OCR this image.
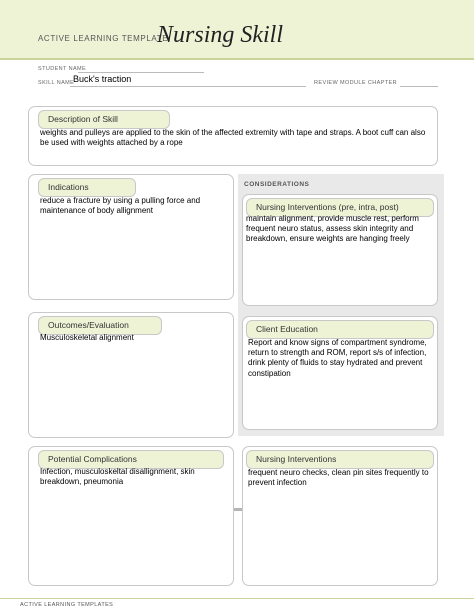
ACTIVE LEARNING TEMPLATE:
Nursing Skill
STUDENT NAME
SKILL NAME
Buck's traction	REVIEW MODULE CHAPTER
Description of Skill
weights and pulleys are applied to the skin of the affected extremity with tape and straps. A boot cuff can also be used with weights attached by a rope
CONSIDERATIONS
Indications
reduce a fracture by using a pulling force and maintenance of body allignment	Nursing Interventions (pre, intra, post)
maintain alignment, provide muscle rest, perform frequent neuro status, assess skin integrity and breakdown, ensure weights are hanging freely
Outcomes/Evaluation
Musculoskeletal alignment
Client Education
Report and know signs of compartment syndrome, return to strength and ROM, report s/s of infection, drink plenty of fluids to stay hydrated and prevent constipation
Potential Complications
Infection, musculoskeltal disallignment, skin breakdown, pneumonia
Nursing Interventions
frequent neuro checks, clean pin sites frequently to prevent infection
ACTIVE LEARNING TEMPLATES
